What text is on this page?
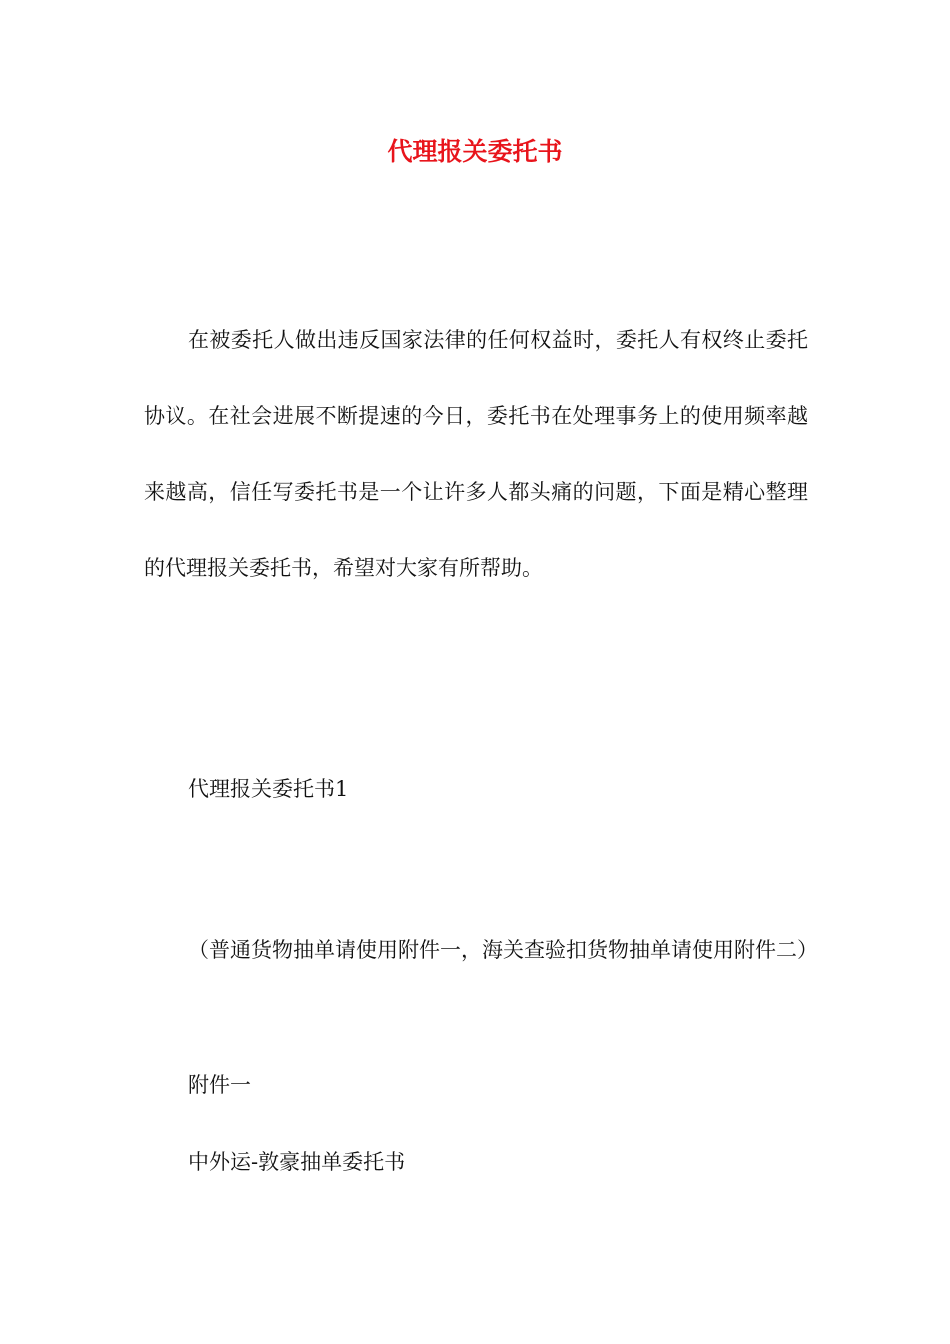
代理报关委托书

在被委托人做出违反国家法律的任何权益时，委托人有权终止委托协议。在社会进展不断提速的今日，委托书在处理事务上的使用频率越来越高，信任写委托书是一个让许多人都头痛的问题，下面是精心整理的代理报关委托书，希望对大家有所帮助。

代理报关委托书1

（普通货物抽单请使用附件一，海关查验扣货物抽单请使用附件二）

附件一

中外运-敦豪抽单委托书
